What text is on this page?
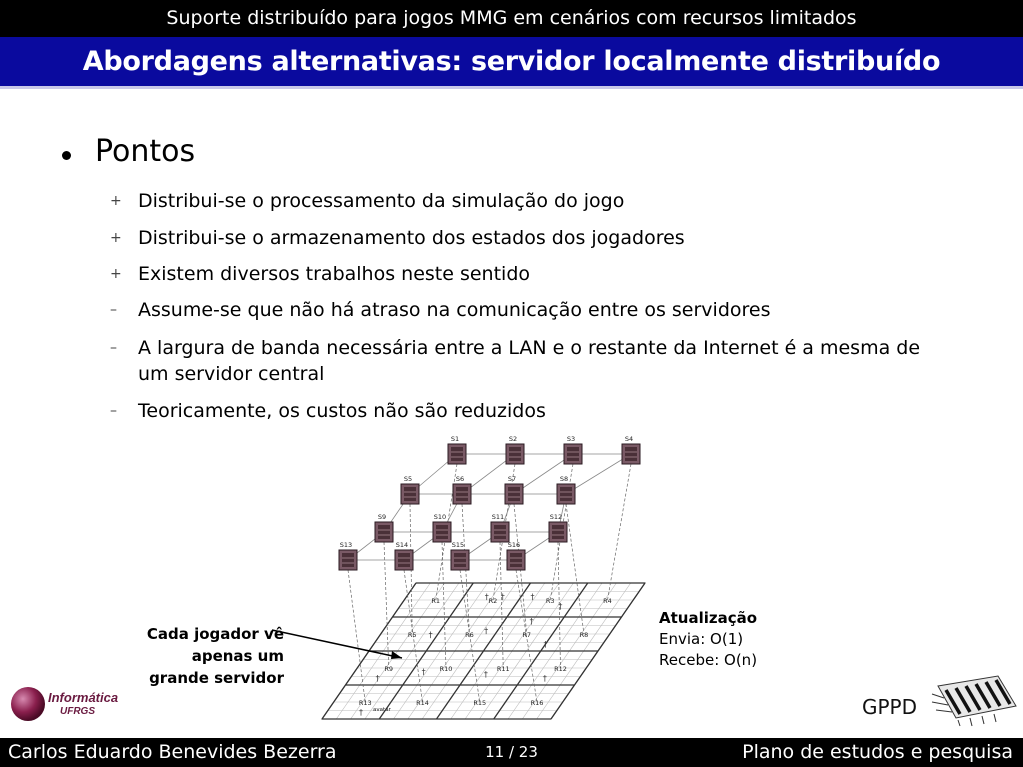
Suporte distribuído para jogos MMG em cenários com recursos limitados
Abordagens alternativas: servidor localmente distribuído
Pontos
+ Distribui-se o processamento da simulação do jogo
+ Distribui-se o armazenamento dos estados dos jogadores
+ Existem diversos trabalhos neste sentido
–	Assume-se que não há atraso na comunicação entre os servidores
–	A largura de banda necessária entre a LAN e o restante da Internet é a mesma de um servidor central
–	Teoricamente, os custos não são reduzidos
S1	S2	S3	S4
S5	S6	S7	S8
S9	S10	S11	S12
S13	S14	S15	S16
R1	R2	R3	R4
R5	R6	R7	R8
R9	R10	R11	R12
R13	R14	R15	R16
†
†	†
†
†	†
†
†	†
†	†
†
†
avatar
Cada jogador vê
apenas um
grande servidor
Atualização
Envia: O(1)
Recebe: O(n)
Informática
UFRGS	GPPD
Carlos Eduardo Benevides Bezerra	11 / 23	Plano de estudos e pesquisa
